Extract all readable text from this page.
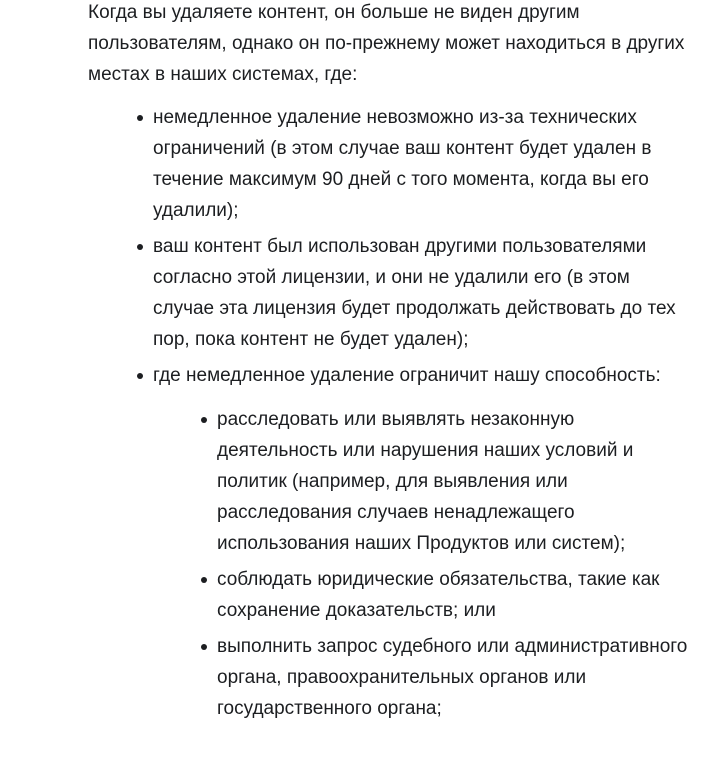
Когда вы удаляете контент, он больше не виден другим пользователям, однако он по-прежнему может находиться в других местах в наших системах, где:

немедленное удаление невозможно из-за технических ограничений (в этом случае ваш контент будет удален в течение максимум 90 дней с того момента, когда вы его удалили);
ваш контент был использован другими пользователями согласно этой лицензии, и они не удалили его (в этом случае эта лицензия будет продолжать действовать до тех пор, пока контент не будет удален);
где немедленное удаление ограничит нашу способность:
расследовать или выявлять незаконную деятельность или нарушения наших условий и политик (например, для выявления или расследования случаев ненадлежащего использования наших Продуктов или систем);
соблюдать юридические обязательства, такие как сохранение доказательств; или
выполнить запрос судебного или административного органа, правоохранительных органов или государственного органа;
